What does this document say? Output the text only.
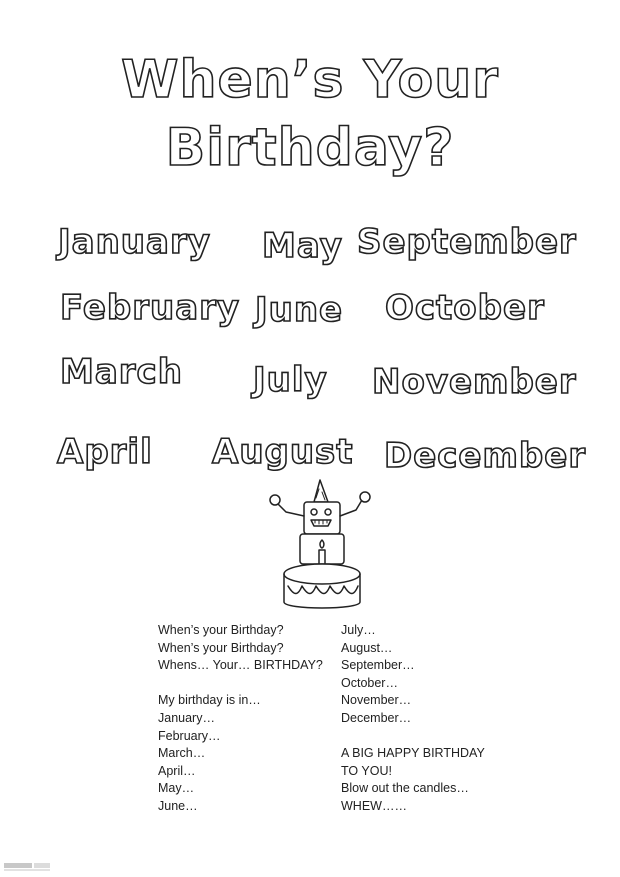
When’s Your
Birthday?
January May September
February June October
March July November
April August December
When’s your Birthday?
When’s your Birthday?
Whens… Your… BIRTHDAY?
My birthday is in…
January…
February…
March…
April…
May…
June…
July…
August…
September…
October…
November…
December…
A BIG HAPPY BIRTHDAY
TO YOU!
Blow out the candles…
WHEW……
